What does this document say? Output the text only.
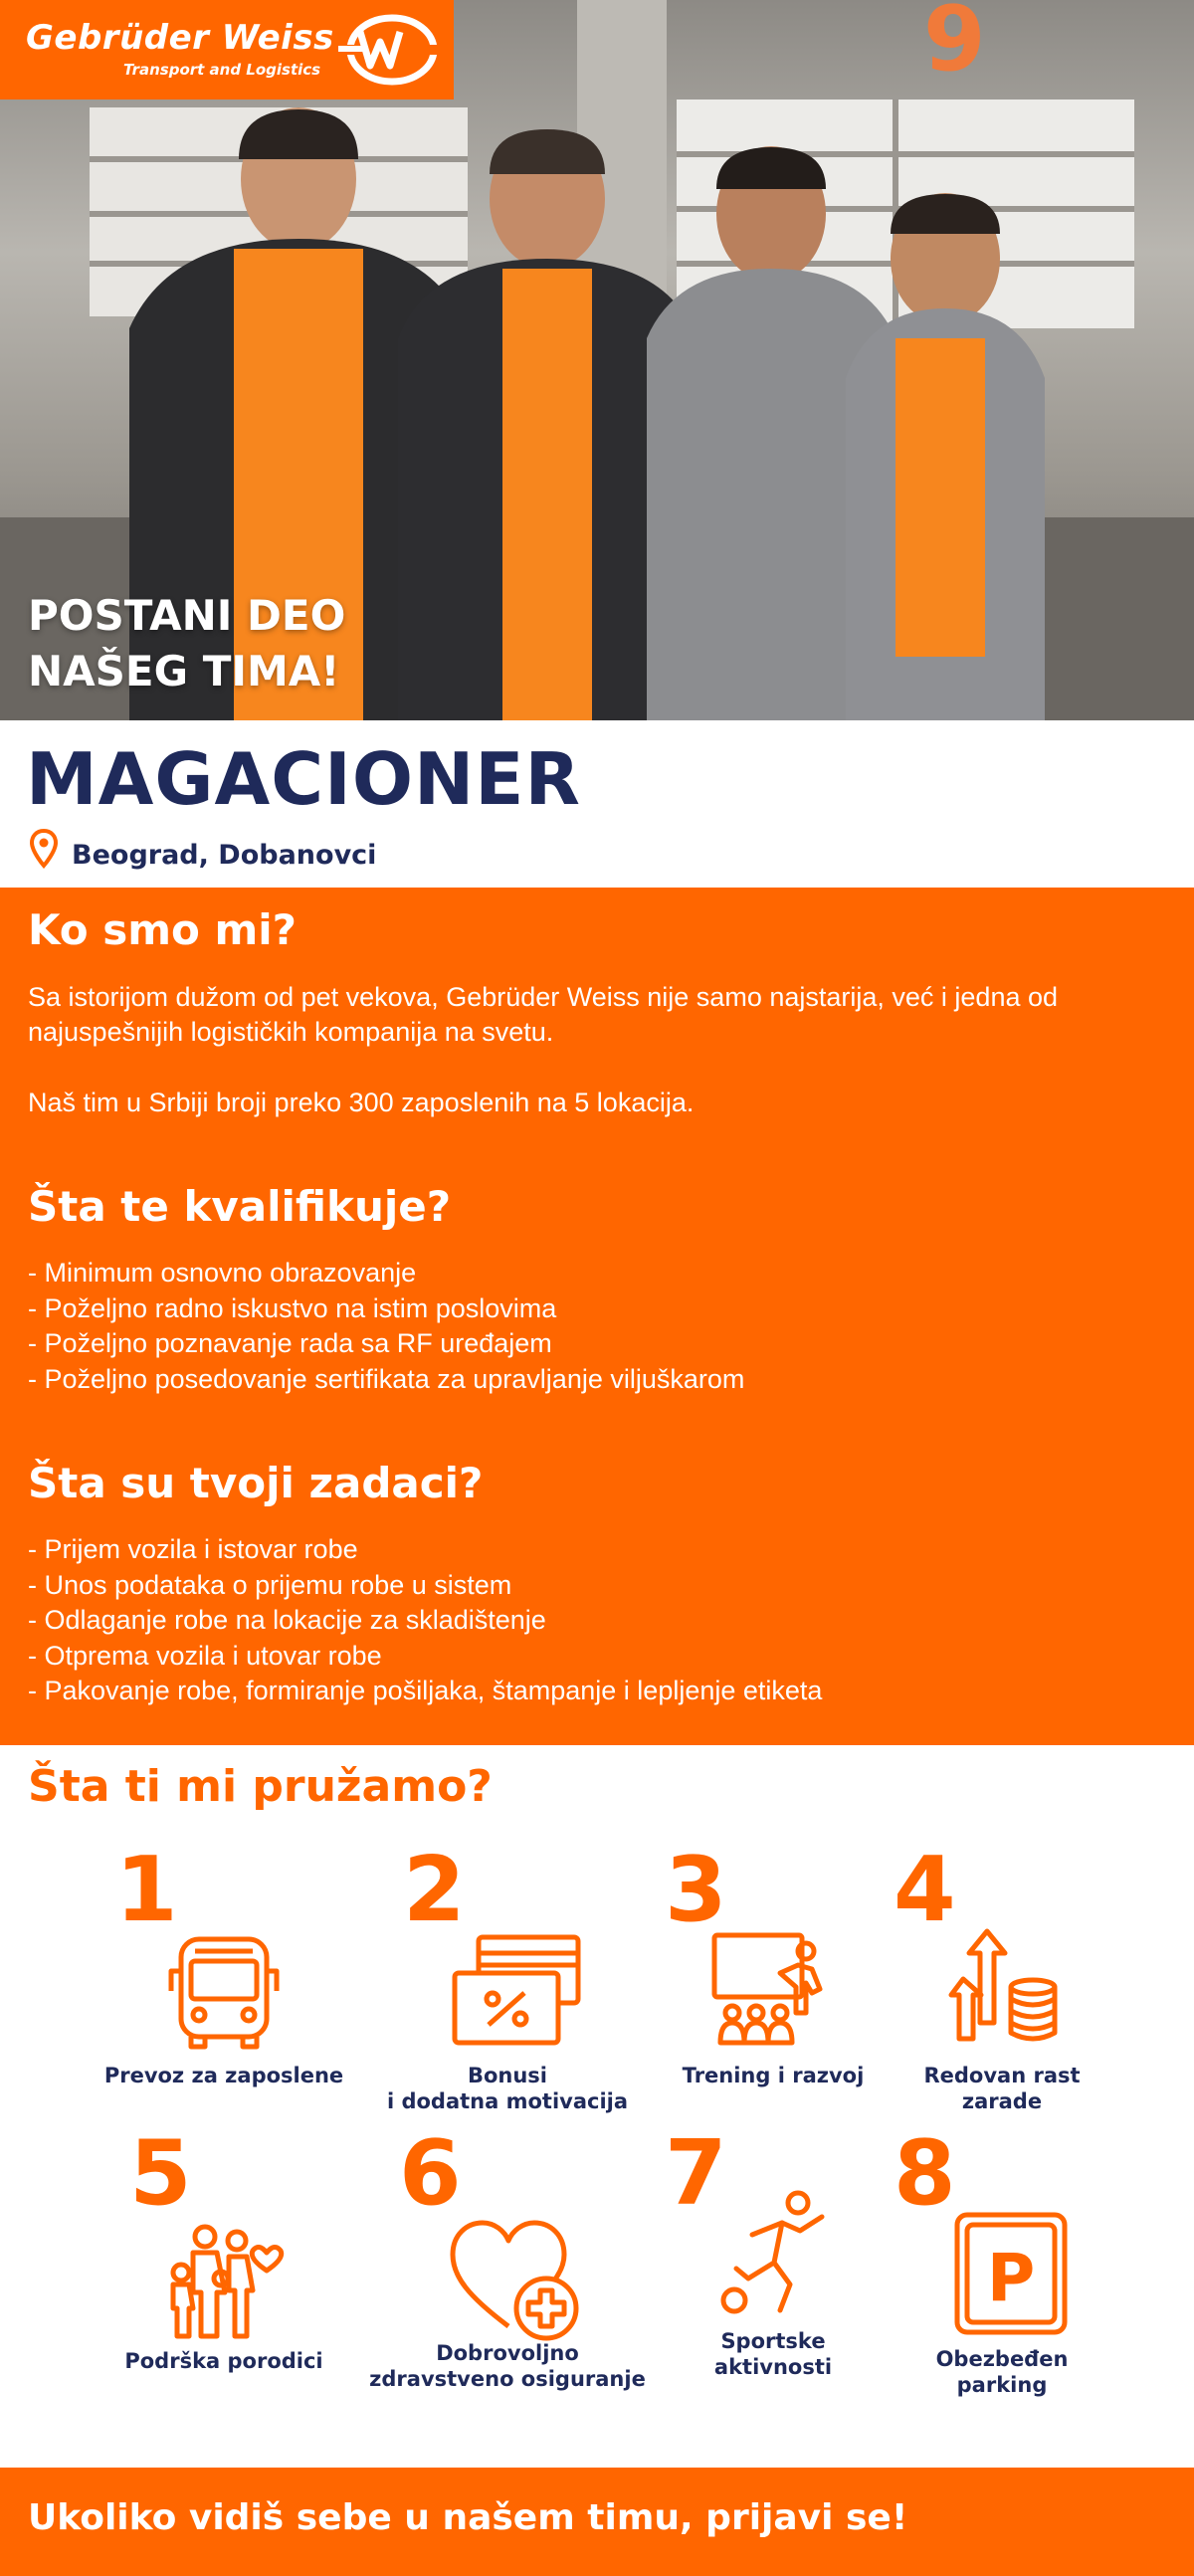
9
Gebrüder Weiss
Transport and Logistics
POSTANI DEO
NAŠEG TIMA!
MAGACIONER
Beograd, Dobanovci
Ko smo mi?

Sa istorijom dužom od pet vekova, Gebrüder Weiss nije samo najstarija, već i jedna od najuspešnijih logističkih kompanija na svetu.

Naš tim u Srbiji broji preko 300 zaposlenih na 5 lokacija.

Šta te kvalifikuje?
- Minimum osnovno obrazovanje
- Poželjno radno iskustvo na istim poslovima
- Poželjno poznavanje rada sa RF uređajem
- Poželjno posedovanje sertifikata za upravljanje viljuškarom
Šta su tvoji zadaci?
- Prijem vozila i istovar robe
- Unos podataka o prijemu robe u sistem
- Odlaganje robe na lokacije za skladištenje
- Otprema vozila i utovar robe
- Pakovanje robe, formiranje pošiljaka, štampanje i lepljenje etiketa
Šta ti mi pružamo?
1
Prevoz za zaposlene
2
Bonusi
i dodatna motivacija
3
Trening i razvoj
4
Redovan rast
zarade
5
Podrška porodici
6
Dobrovoljno
zdravstveno osiguranje
7
Sportske
aktivnosti
8
P
Obezbeđen
parking
Ukoliko vidiš sebe u našem timu, prijavi se!
